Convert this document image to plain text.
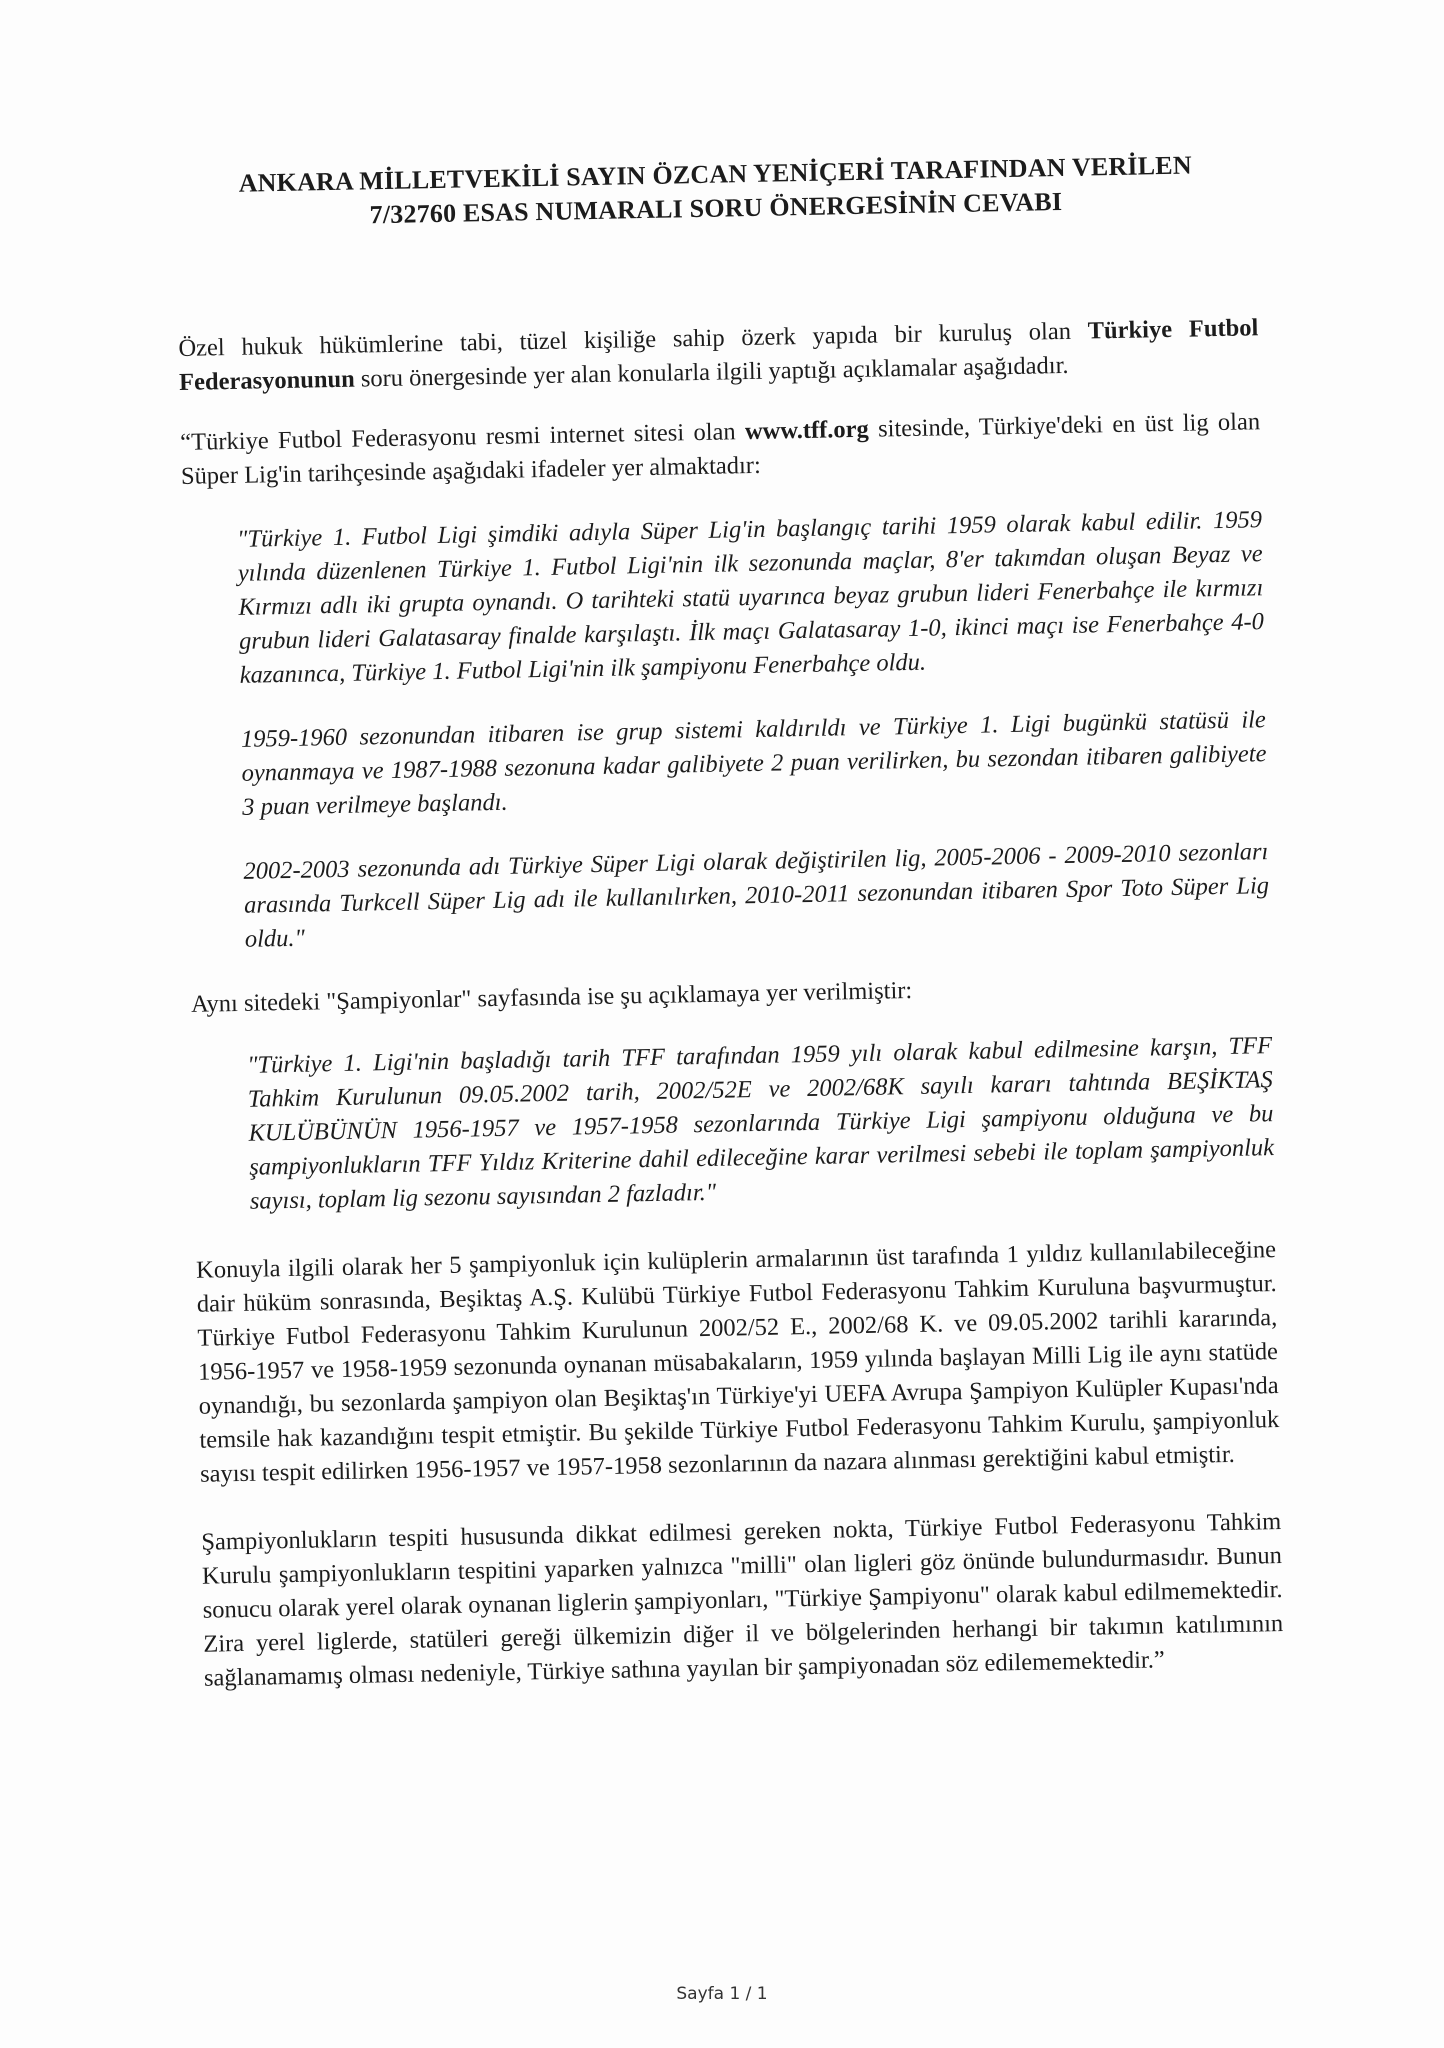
ANKARA MİLLETVEKİLİ SAYIN ÖZCAN YENİÇERİ TARAFINDAN VERİLEN
7/32760 ESAS NUMARALI SORU ÖNERGESİNİN CEVABI

Özel hukuk hükümlerine tabi, tüzel kişiliğe sahip özerk yapıda bir kuruluş olan Türkiye Futbol Federasyonunun soru önergesinde yer alan konularla ilgili yaptığı açıklamalar aşağıdadır.

“Türkiye Futbol Federasyonu resmi internet sitesi olan www.tff.org sitesinde, Türkiye'deki en üst lig olan Süper Lig'in tarihçesinde aşağıdaki ifadeler yer almaktadır:

"Türkiye 1. Futbol Ligi şimdiki adıyla Süper Lig'in başlangıç tarihi 1959 olarak kabul edilir. 1959 yılında düzenlenen Türkiye 1. Futbol Ligi'nin ilk sezonunda maçlar, 8'er takımdan oluşan Beyaz ve Kırmızı adlı iki grupta oynandı. O tarihteki statü uyarınca beyaz grubun lideri Fenerbahçe ile kırmızı grubun lideri Galatasaray finalde karşılaştı. İlk maçı Galatasaray 1-0, ikinci maçı ise Fenerbahçe 4-0 kazanınca, Türkiye 1. Futbol Ligi'nin ilk şampiyonu Fenerbahçe oldu.

1959-1960 sezonundan itibaren ise grup sistemi kaldırıldı ve Türkiye 1. Ligi bugünkü statüsü ile oynanmaya ve 1987-1988 sezonuna kadar galibiyete 2 puan verilirken, bu sezondan itibaren galibiyete 3 puan verilmeye başlandı.

2002-2003 sezonunda adı Türkiye Süper Ligi olarak değiştirilen lig, 2005-2006 - 2009-2010 sezonları arasında Turkcell Süper Lig adı ile kullanılırken, 2010-2011 sezonundan itibaren Spor Toto Süper Lig oldu."

Aynı sitedeki "Şampiyonlar" sayfasında ise şu açıklamaya yer verilmiştir:

"Türkiye 1. Ligi'nin başladığı tarih TFF tarafından 1959 yılı olarak kabul edilmesine karşın, TFF Tahkim Kurulunun 09.05.2002 tarih, 2002/52E ve 2002/68K sayılı kararı tahtında BEŞİKTAŞ KULÜBÜNÜN 1956-1957 ve 1957-1958 sezonlarında Türkiye Ligi şampiyonu olduğuna ve bu şampiyonlukların TFF Yıldız Kriterine dahil edileceğine karar verilmesi sebebi ile toplam şampiyonluk sayısı, toplam lig sezonu sayısından 2 fazladır."

Konuyla ilgili olarak her 5 şampiyonluk için kulüplerin armalarının üst tarafında 1 yıldız kullanılabileceğine dair hüküm sonrasında, Beşiktaş A.Ş. Kulübü Türkiye Futbol Federasyonu Tahkim Kuruluna başvurmuştur. Türkiye Futbol Federasyonu Tahkim Kurulunun 2002/52 E., 2002/68 K. ve 09.05.2002 tarihli kararında, 1956-1957 ve 1958-1959 sezonunda oynanan müsabakaların, 1959 yılında başlayan Milli Lig ile aynı statüde oynandığı, bu sezonlarda şampiyon olan Beşiktaş'ın Türkiye'yi UEFA Avrupa Şampiyon Kulüpler Kupası'nda temsile hak kazandığını tespit etmiştir. Bu şekilde Türkiye Futbol Federasyonu Tahkim Kurulu, şampiyonluk sayısı tespit edilirken 1956-1957 ve 1957-1958 sezonlarının da nazara alınması gerektiğini kabul etmiştir.

Şampiyonlukların tespiti hususunda dikkat edilmesi gereken nokta, Türkiye Futbol Federasyonu Tahkim Kurulu şampiyonlukların tespitini yaparken yalnızca "milli" olan ligleri göz önünde bulundurmasıdır. Bunun sonucu olarak yerel olarak oynanan liglerin şampiyonları, "Türkiye Şampiyonu" olarak kabul edilmemektedir. Zira yerel liglerde, statüleri gereği ülkemizin diğer il ve bölgelerinden herhangi bir takımın katılımının sağlanamamış olması nedeniyle, Türkiye sathına yayılan bir şampiyonadan söz edilememektedir.”

Sayfa 1 / 1
